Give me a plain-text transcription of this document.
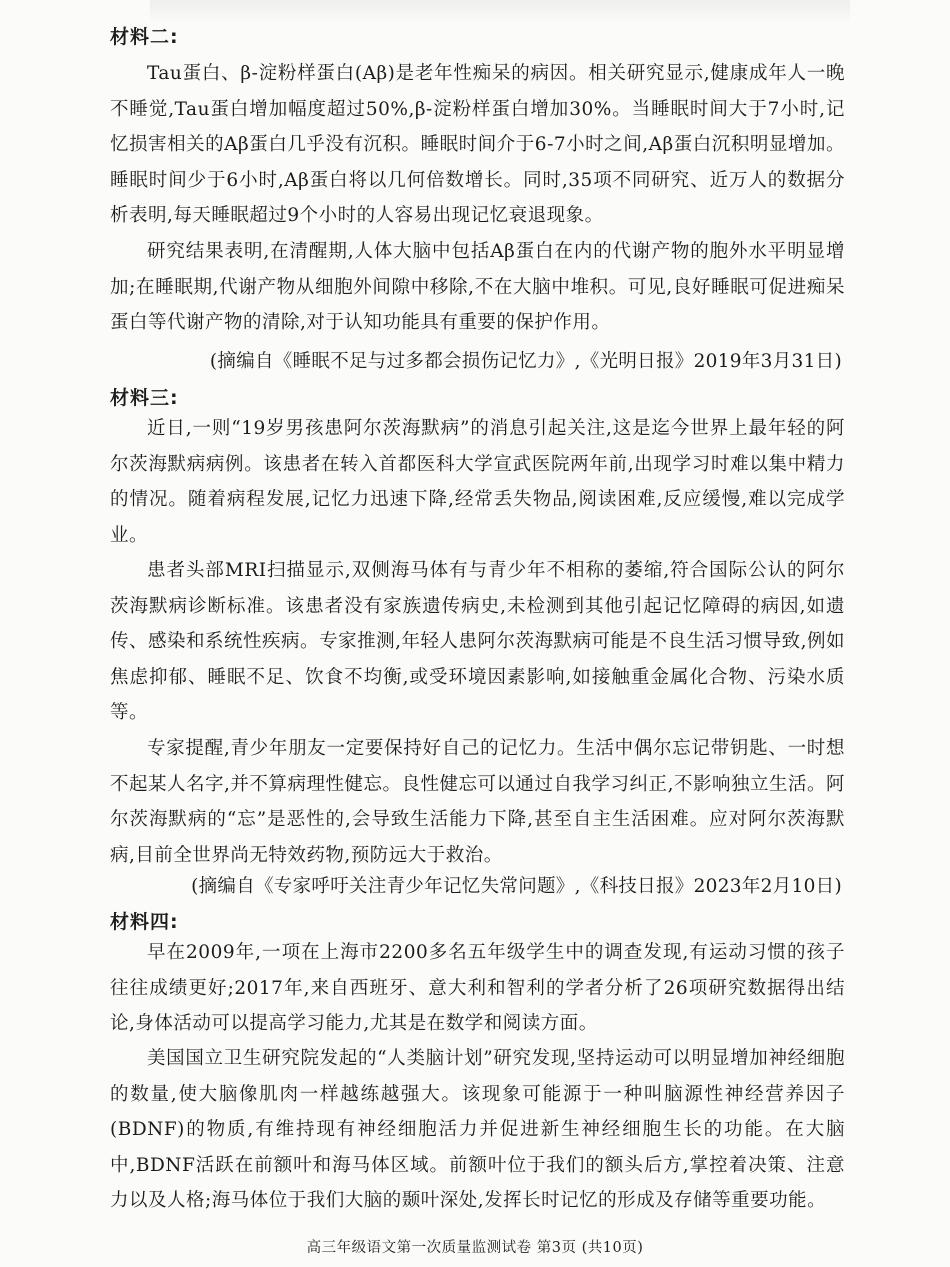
材料二:

Tau蛋白、β-淀粉样蛋白(Aβ)是老年性痴呆的病因。相关研究显示,健康成年人一晚不睡觉,Tau蛋白增加幅度超过50%,β-淀粉样蛋白增加30%。当睡眠时间大于7小时,记忆损害相关的Aβ蛋白几乎没有沉积。睡眠时间介于6-7小时之间,Aβ蛋白沉积明显增加。睡眠时间少于6小时,Aβ蛋白将以几何倍数增长。同时,35项不同研究、近万人的数据分析表明,每天睡眠超过9个小时的人容易出现记忆衰退现象。

研究结果表明,在清醒期,人体大脑中包括Aβ蛋白在内的代谢产物的胞外水平明显增加;在睡眠期,代谢产物从细胞外间隙中移除,不在大脑中堆积。可见,良好睡眠可促进痴呆蛋白等代谢产物的清除,对于认知功能具有重要的保护作用。

(摘编自《睡眠不足与过多都会损伤记忆力》,《光明日报》2019年3月31日)
材料三:

近日,一则“19岁男孩患阿尔茨海默病”的消息引起关注,这是迄今世界上最年轻的阿尔茨海默病病例。该患者在转入首都医科大学宣武医院两年前,出现学习时难以集中精力的情况。随着病程发展,记忆力迅速下降,经常丢失物品,阅读困难,反应缓慢,难以完成学业。

患者头部MRI扫描显示,双侧海马体有与青少年不相称的萎缩,符合国际公认的阿尔茨海默病诊断标准。该患者没有家族遗传病史,未检测到其他引起记忆障碍的病因,如遗传、感染和系统性疾病。专家推测,年轻人患阿尔茨海默病可能是不良生活习惯导致,例如焦虑抑郁、睡眠不足、饮食不均衡,或受环境因素影响,如接触重金属化合物、污染水质等。

专家提醒,青少年朋友一定要保持好自己的记忆力。生活中偶尔忘记带钥匙、一时想不起某人名字,并不算病理性健忘。良性健忘可以通过自我学习纠正,不影响独立生活。阿尔茨海默病的“忘”是恶性的,会导致生活能力下降,甚至自主生活困难。应对阿尔茨海默病,目前全世界尚无特效药物,预防远大于救治。

(摘编自《专家呼吁关注青少年记忆失常问题》,《科技日报》2023年2月10日)
材料四:

早在2009年,一项在上海市2200多名五年级学生中的调查发现,有运动习惯的孩子往往成绩更好;2017年,来自西班牙、意大利和智利的学者分析了26项研究数据得出结论,身体活动可以提高学习能力,尤其是在数学和阅读方面。

美国国立卫生研究院发起的“人类脑计划”研究发现,坚持运动可以明显增加神经细胞的数量,使大脑像肌肉一样越练越强大。该现象可能源于一种叫脑源性神经营养因子(BDNF)的物质,有维持现有神经细胞活力并促进新生神经细胞生长的功能。在大脑中,BDNF活跃在前额叶和海马体区域。前额叶位于我们的额头后方,掌控着决策、注意力以及人格;海马体位于我们大脑的颞叶深处,发挥长时记忆的形成及存储等重要功能。

高三年级语文第一次质量监测试卷 第3页 (共10页)
